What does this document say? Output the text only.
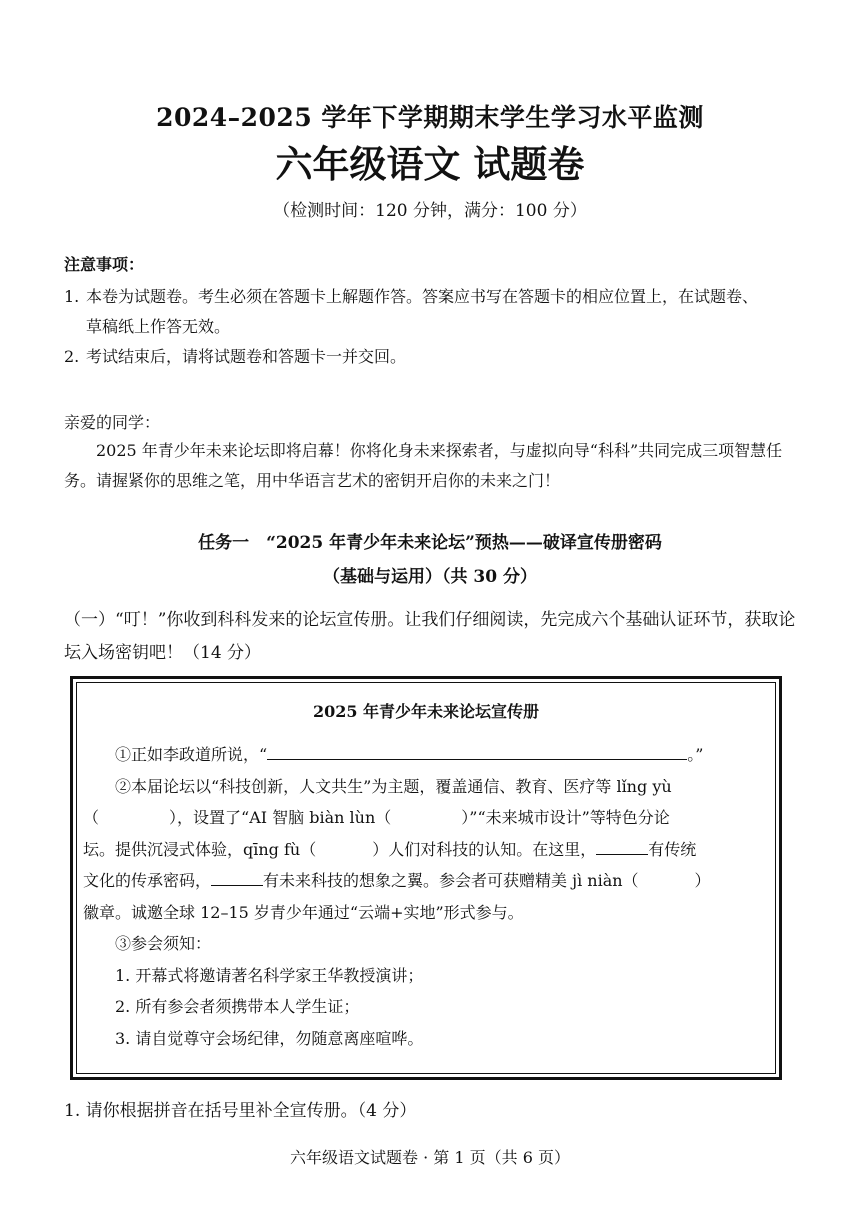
2024–2025 学年下学期期末学生学习水平监测
六年级语文 试题卷
（检测时间：120 分钟，满分：100 分）
注意事项：
1. 本卷为试题卷。考生必须在答题卡上解题作答。答案应书写在答题卡的相应位置上，在试题卷、
草稿纸上作答无效。
2. 考试结束后，请将试题卷和答题卡一并交回。
亲爱的同学：
2025 年青少年未来论坛即将启幕！你将化身未来探索者，与虚拟向导“科科”共同完成三项智慧任务。请握紧你的思维之笔，用中华语言艺术的密钥开启你的未来之门！
任务一　“2025 年青少年未来论坛”预热——破译宣传册密码
（基础与运用）（共 30 分）
（一）“叮！”你收到科科发来的论坛宣传册。让我们仔细阅读，先完成六个基础认证环节，获取论坛入场密钥吧！（14 分）
2025 年青少年未来论坛宣传册

①正如李政道所说，“	。”

②本届论坛以“科技创新，人文共生”为主题，覆盖通信、教育、医疗等 lǐng yù

（	），设置了“AI 智脑 biàn lùn（	）”“未来城市设计”等特色分论

坛。提供沉浸式体验，qīng fù（	）人们对科技的认知。在这里，	有传统

文化的传承密码，	有未来科技的想象之翼。参会者可获赠精美 jì niàn（	）

徽章。诚邀全球 12–15 岁青少年通过“云端+实地”形式参与。

③参会须知：

1. 开幕式将邀请著名科学家王华教授演讲；

2. 所有参会者须携带本人学生证；

3. 请自觉尊守会场纪律，勿随意离座喧哗。

1. 请你根据拼音在括号里补全宣传册。（4 分）
六年级语文试题卷 · 第 1 页（共 6 页）
